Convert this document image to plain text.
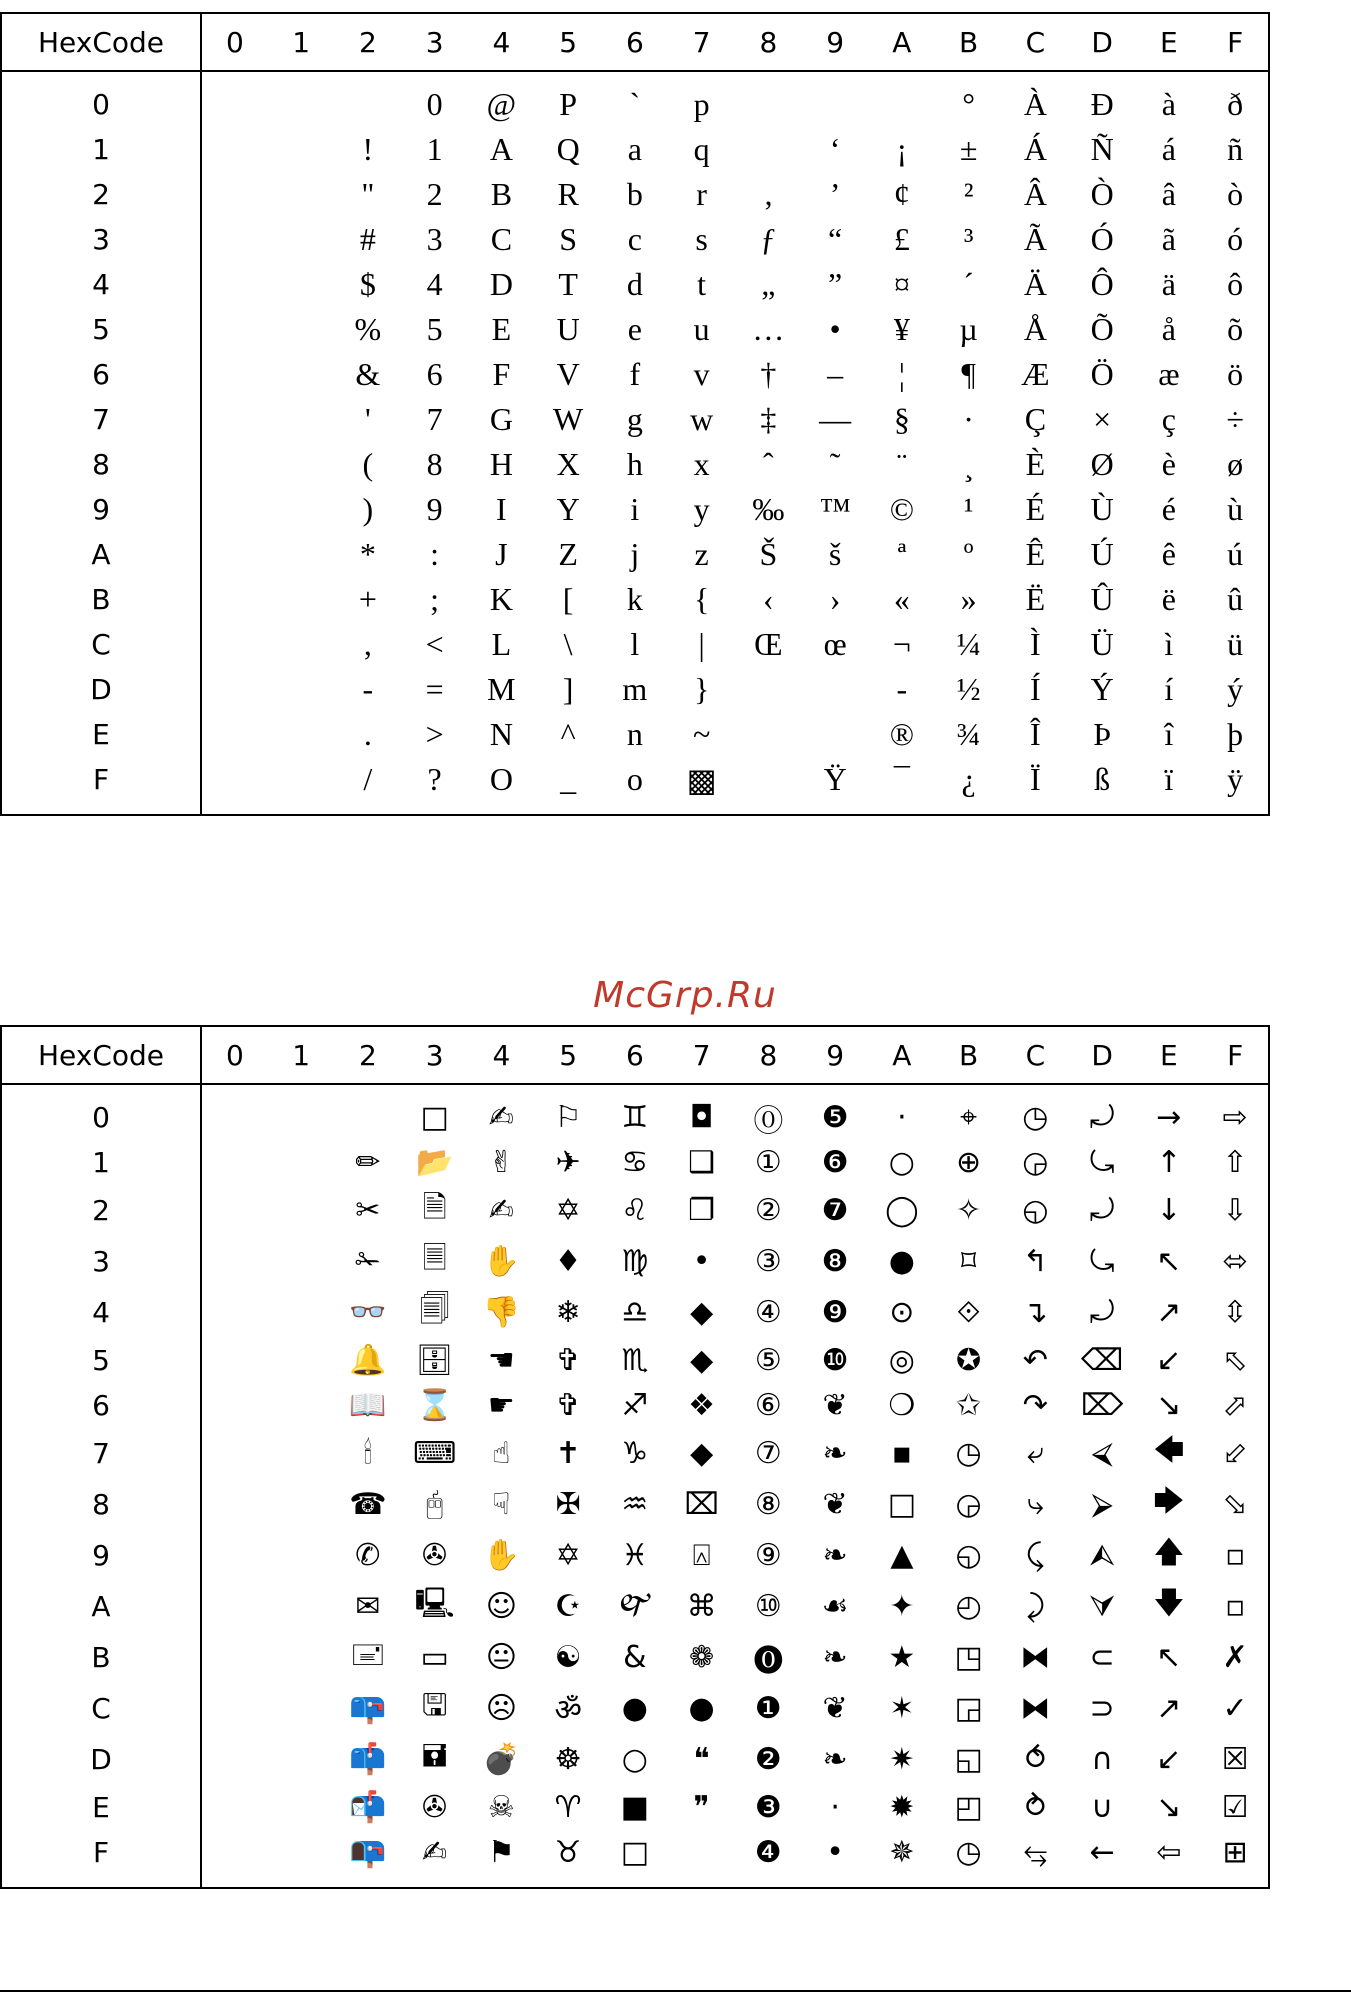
HexCode	0	1	2	3	4	5	6	7	8	9	A	B	C	D	E	F
0				0	@	P	`	p				°	À	Ð	à	ð
1			!	1	A	Q	a	q		‘	¡	±	Á	Ñ	á	ñ
2			"	2	B	R	b	r	‚	’	¢	²	Â	Ò	â	ò
3			#	3	C	S	c	s	ƒ	“	£	³	Ã	Ó	ã	ó
4			$	4	D	T	d	t	„	”	¤	´	Ä	Ô	ä	ô
5			%	5	E	U	e	u	…	•	¥	µ	Å	Õ	å	õ
6			&	6	F	V	f	v	†	–	¦	¶	Æ	Ö	æ	ö
7			'	7	G	W	g	w	‡	—	§	·	Ç	×	ç	÷
8			(	8	H	X	h	x	ˆ	˜	¨	¸	È	Ø	è	ø
9			)	9	I	Y	i	y	‰	™	©	¹	É	Ù	é	ù
A			*	:	J	Z	j	z	Š	š	ª	º	Ê	Ú	ê	ú
B			+	;	K	[	k	{	‹	›	«	»	Ë	Û	ë	û
C			,	<	L	\	l	|	Œ	œ	¬	¼	Ì	Ü	ì	ü
D			-	=	M	]	m	}			-	½	Í	Ý	í	ý
E			.	>	N	^	n	~			®	¾	Î	Þ	î	þ
F			/	?	O	_	o	▩		Ÿ	¯	¿	Ï	ß	ï	ÿ
McGrp.Ru
HexCode	0	1	2	3	4	5	6	7	8	9	A	B	C	D	E	F
0				□	✍	⚐	♊	◘	⓪	❺	·	⌖	◷	⤾	→	⇨
1			✏	📂	✌	✈	♋	❑	①	❻	○	⊕	◶	⤿	↑	⇧
2			✂	🗎	✍	✡	♌	❐	②	❼	◯	✧	◵	⤾	↓	⇩
3			✁	🗏	✋	♦	♍	•	③	❽	●	⌑	↰	⤿	↖	⬄
4			👓	🗐	👎	❄	♎	◆	④	❾	⊙	⟐	↴	⤾	↗	⇳
5			🔔	🗄	☚	✞	♏	◆	⑤	❿	◎	✪	↶	⌫	↙	⬁
6			📖	⌛	☛	✞	♐	❖	⑥	❦	❍	✩	↷	⌦	↘	⬀
7			🕯	⌨	☝	✝	♑	◆	⑦	❧	▪	◷	⤶	⮘	🡄	⬃
8			☎	🖰	☟	✠	♒	⌧	⑧	❦	□	◶	⤷	⮚	🡆	⬂
9			✆	✇	✋	✡	♓	⍓	⑨	❧	▲	◵	⤹	⮙	🡅	▫
A			✉	🖳	☺	☪	🙰	⌘	⑩	☙	✦	◴	⤸	⮛	🡇	▫
B			🖃	▭	😐	☯	&	❁	⓿	❧	★	◳	⧓	⊂	↖	✗
C			📪	🖫	☹	ॐ	●	●	❶	❦	✶	◲	⧓	⊃	↗	✓
D			📫	🖬	💣	☸	○	❝	❷	❧	✷	◱	⥀	∩	↙	☒
E			📬	✇	☠	♈	■	❞	❸	·	✹	◰	⥁	∪	↘	☑
F			📭	✍	⚑	♉	□		❹	•	✵	◷	⥃	←	⇦	⊞
